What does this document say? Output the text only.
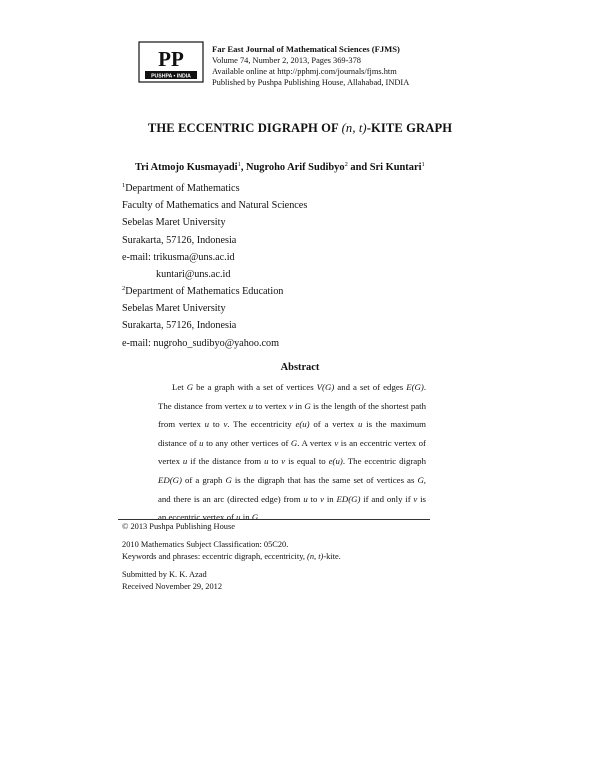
PP
PUSHPA • INDIA
Far East Journal of Mathematical Sciences (FJMS)
Volume 74, Number 2, 2013, Pages 369-378
Available online at http://pphmj.com/journals/fjms.htm
Published by Pushpa Publishing House, Allahabad, INDIA
THE ECCENTRIC DIGRAPH OF (n, t)-KITE GRAPH
Tri Atmojo Kusmayadi$^1$, Nugroho Arif Sudibyo$^2$ and Sri Kuntari$^1$
$^1$Department of Mathematics
Faculty of Mathematics and Natural Sciences
Sebelas Maret University
Surakarta, 57126, Indonesia
e-mail: trikusma@uns.ac.id
kuntari@uns.ac.id
$^2$Department of Mathematics Education
Sebelas Maret University
Surakarta, 57126, Indonesia
e-mail: nugroho_sudibyo@yahoo.com
Abstract
Let G be a graph with a set of vertices V(G) and a set of edges E(G). The distance from vertex u to vertex v in G is the length of the shortest path from vertex u to v. The eccentricity e(u) of a vertex u is the maximum distance of u to any other vertices of G. A vertex v is an eccentric vertex of vertex u if the distance from u to v is equal to e(u). The eccentric digraph ED(G) of a graph G is the digraph that has the same set of vertices as G, and there is an arc (directed edge) from u to v in ED(G) if and only if v is an eccentric vertex of u in G.
© 2013 Pushpa Publishing House
2010 Mathematics Subject Classification: 05C20.
Keywords and phrases: eccentric digraph, eccentricity, (n, t)-kite.
Submitted by K. K. Azad
Received November 29, 2012
